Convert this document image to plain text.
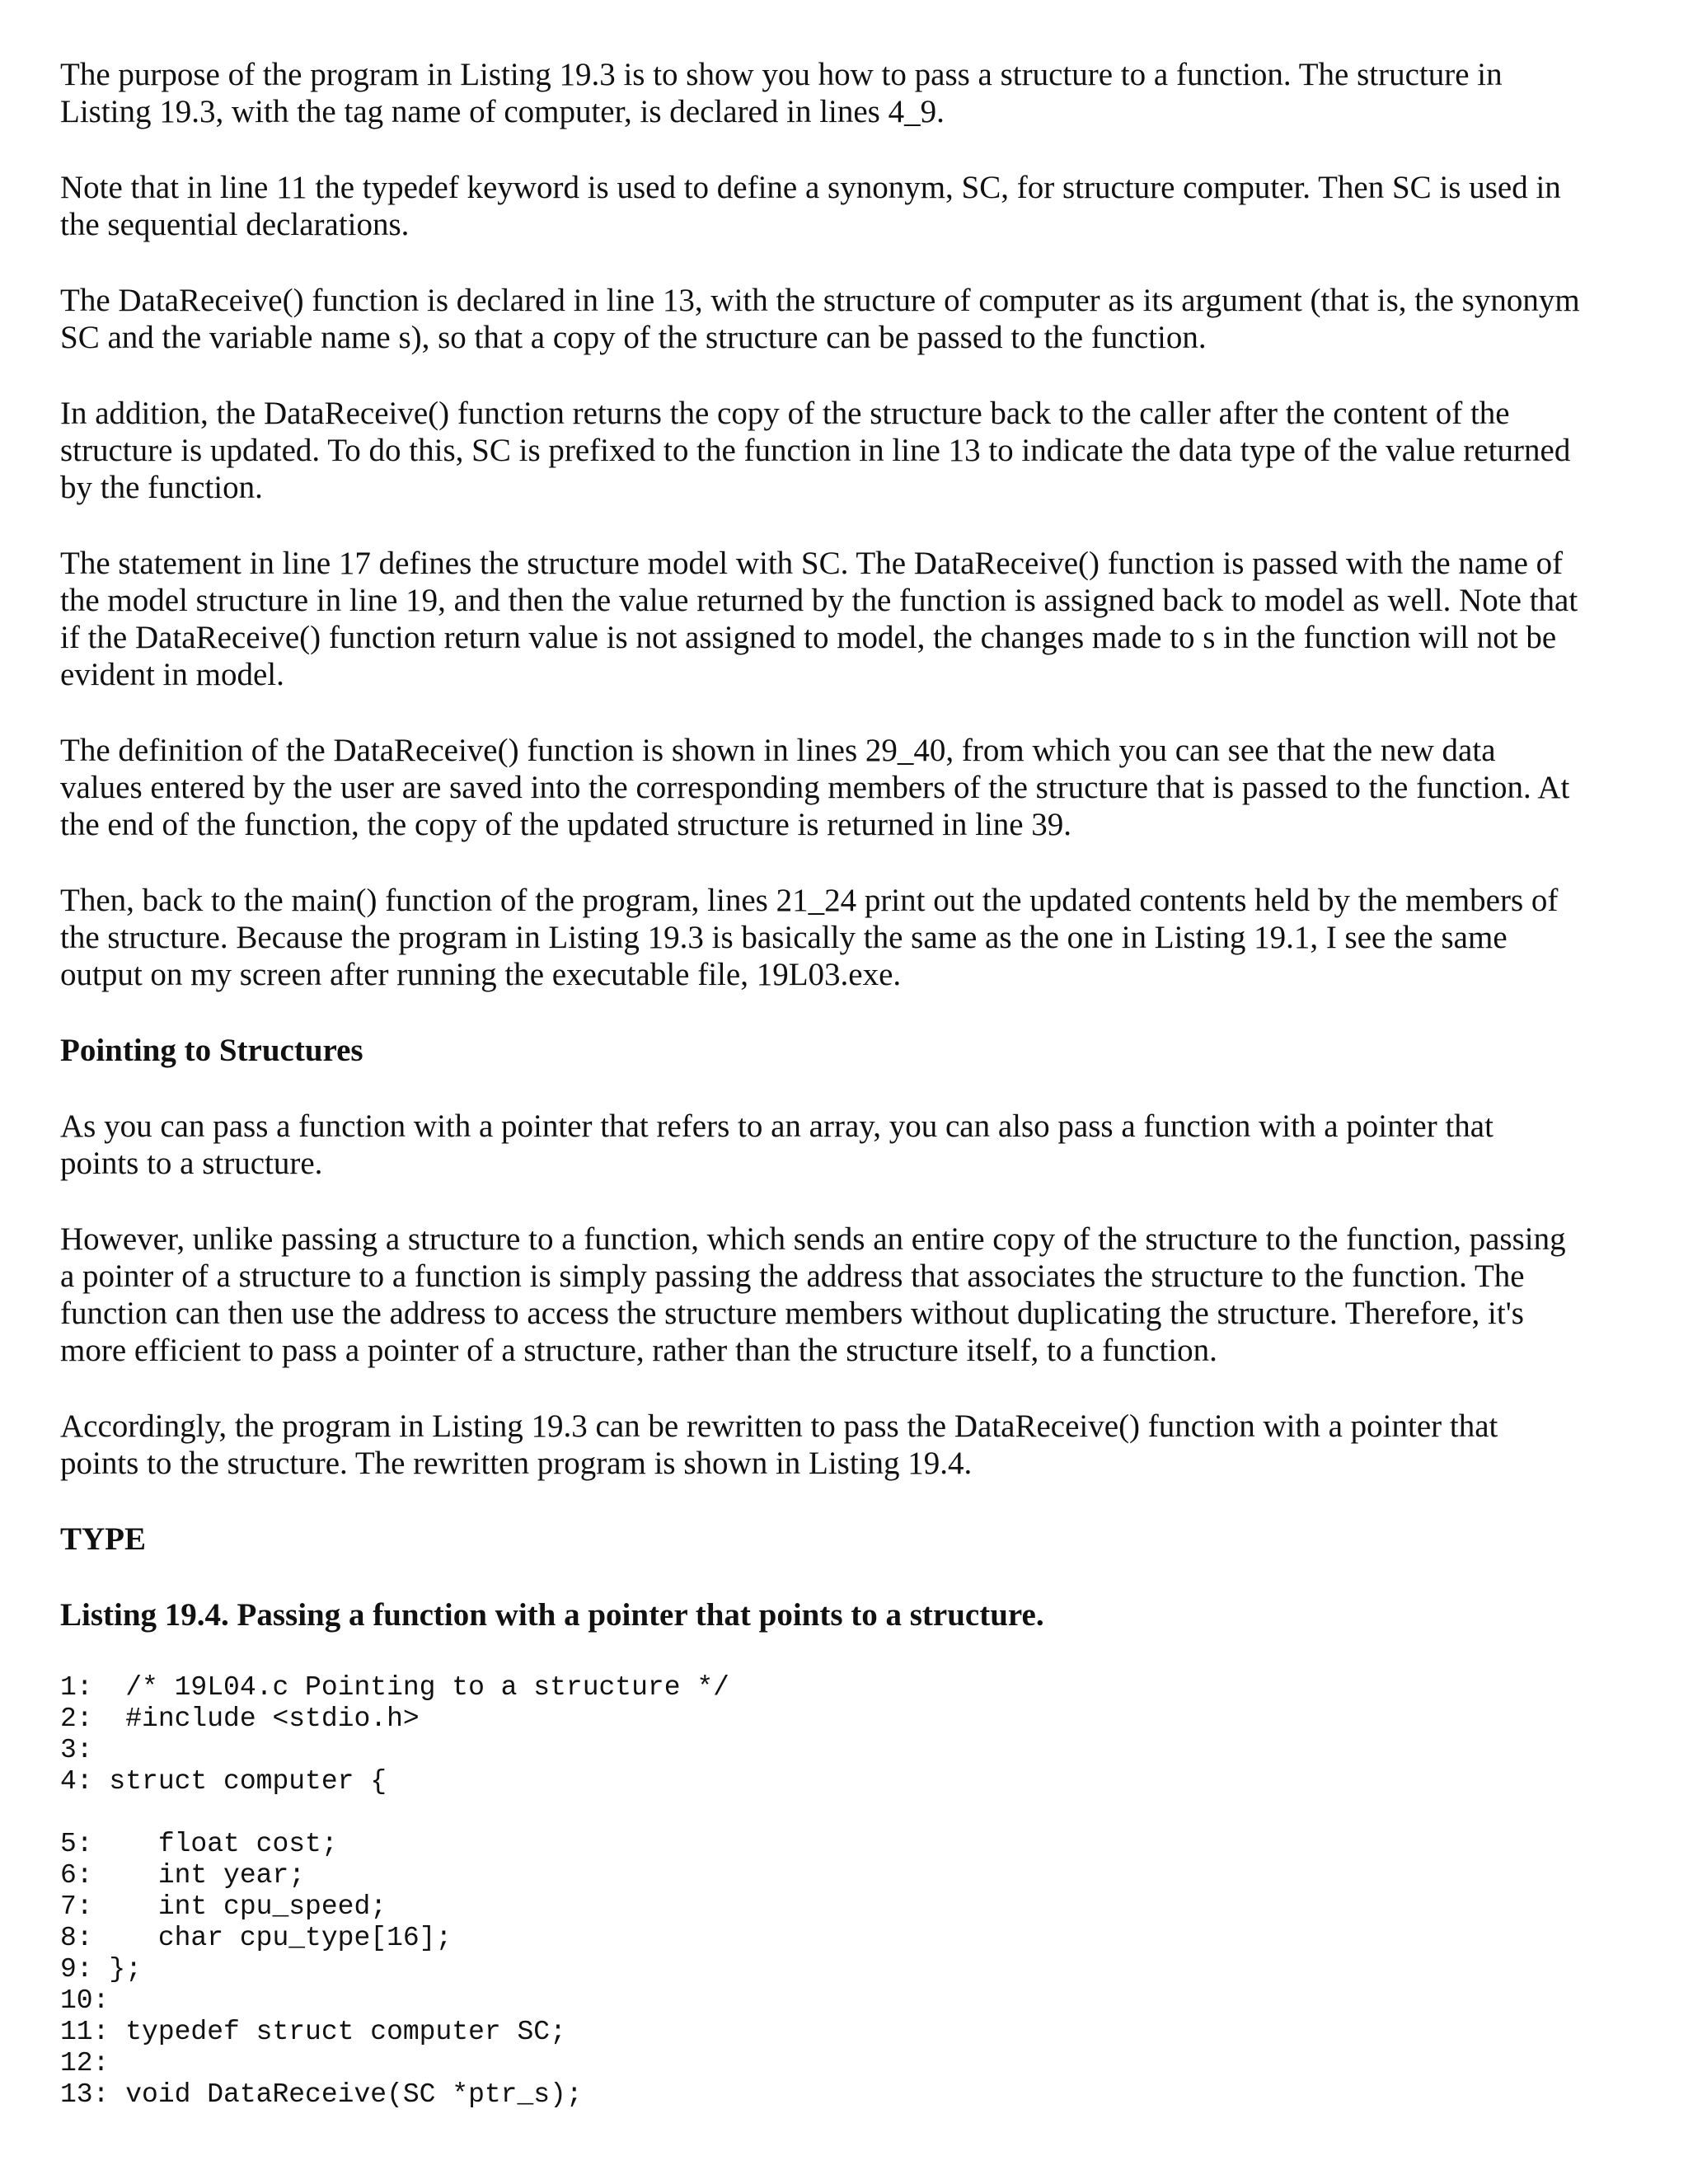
The purpose of the program in Listing 19.3 is to show you how to pass a structure to a function. The structure in
Listing 19.3, with the tag name of computer, is declared in lines 4_9.

Note that in line 11 the typedef keyword is used to define a synonym, SC, for structure computer. Then SC is used in
the sequential declarations.

The DataReceive() function is declared in line 13, with the structure of computer as its argument (that is, the synonym
SC and the variable name s), so that a copy of the structure can be passed to the function.

In addition, the DataReceive() function returns the copy of the structure back to the caller after the content of the
structure is updated. To do this, SC is prefixed to the function in line 13 to indicate the data type of the value returned
by the function.

The statement in line 17 defines the structure model with SC. The DataReceive() function is passed with the name of
the model structure in line 19, and then the value returned by the function is assigned back to model as well. Note that
if the DataReceive() function return value is not assigned to model, the changes made to s in the function will not be
evident in model.

The definition of the DataReceive() function is shown in lines 29_40, from which you can see that the new data
values entered by the user are saved into the corresponding members of the structure that is passed to the function. At
the end of the function, the copy of the updated structure is returned in line 39.

Then, back to the main() function of the program, lines 21_24 print out the updated contents held by the members of
the structure. Because the program in Listing 19.3 is basically the same as the one in Listing 19.1, I see the same
output on my screen after running the executable file, 19L03.exe.

Pointing to Structures

As you can pass a function with a pointer that refers to an array, you can also pass a function with a pointer that
points to a structure.

However, unlike passing a structure to a function, which sends an entire copy of the structure to the function, passing
a pointer of a structure to a function is simply passing the address that associates the structure to the function. The
function can then use the address to access the structure members without duplicating the structure. Therefore, it's
more efficient to pass a pointer of a structure, rather than the structure itself, to a function.

Accordingly, the program in Listing 19.3 can be rewritten to pass the DataReceive() function with a pointer that
points to the structure. The rewritten program is shown in Listing 19.4.

TYPE
Listing 19.4. Passing a function with a pointer that points to a structure.
1:  /* 19L04.c Pointing to a structure */
2:  #include <stdio.h>
3:
4: struct computer {
5:    float cost;
6:    int year;
7:    int cpu_speed;
8:    char cpu_type[16];
9: };
10:
11: typedef struct computer SC;
12:
13: void DataReceive(SC *ptr_s);
